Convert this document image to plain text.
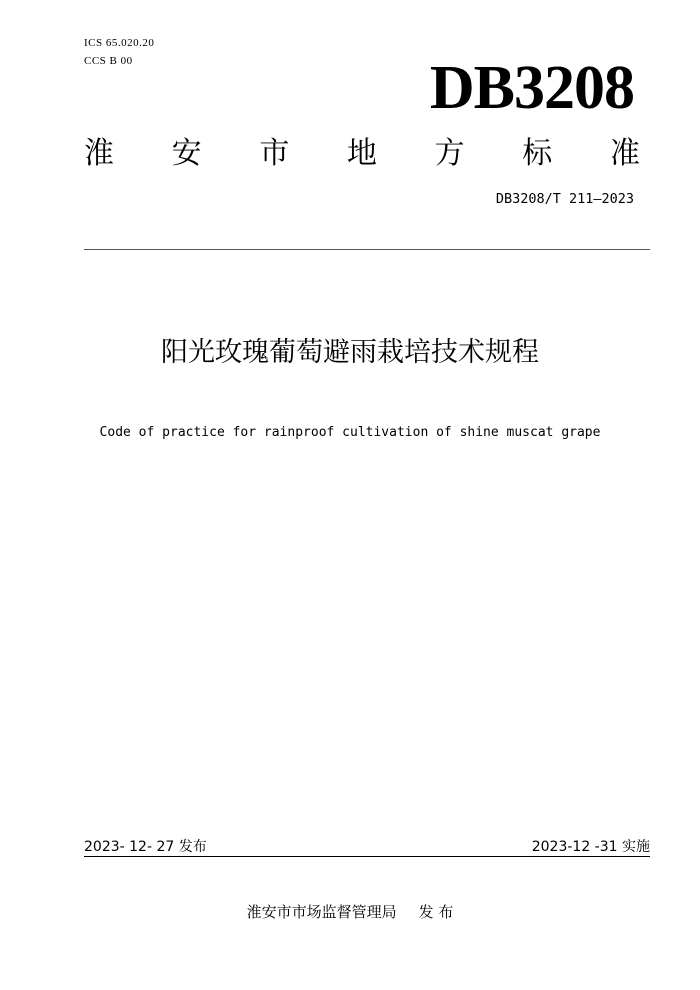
ICS 65.020.20
CCS B 00	DB3208
淮 安 市 地 方 标 准
DB3208/T 211—2023
阳光玫瑰葡萄避雨栽培技术规程
Code of practice for rainproof cultivation of shine muscat grape
2023- 12- 27 发布	2023-12 -31 实施
淮安市市场监督管理局 发 布
